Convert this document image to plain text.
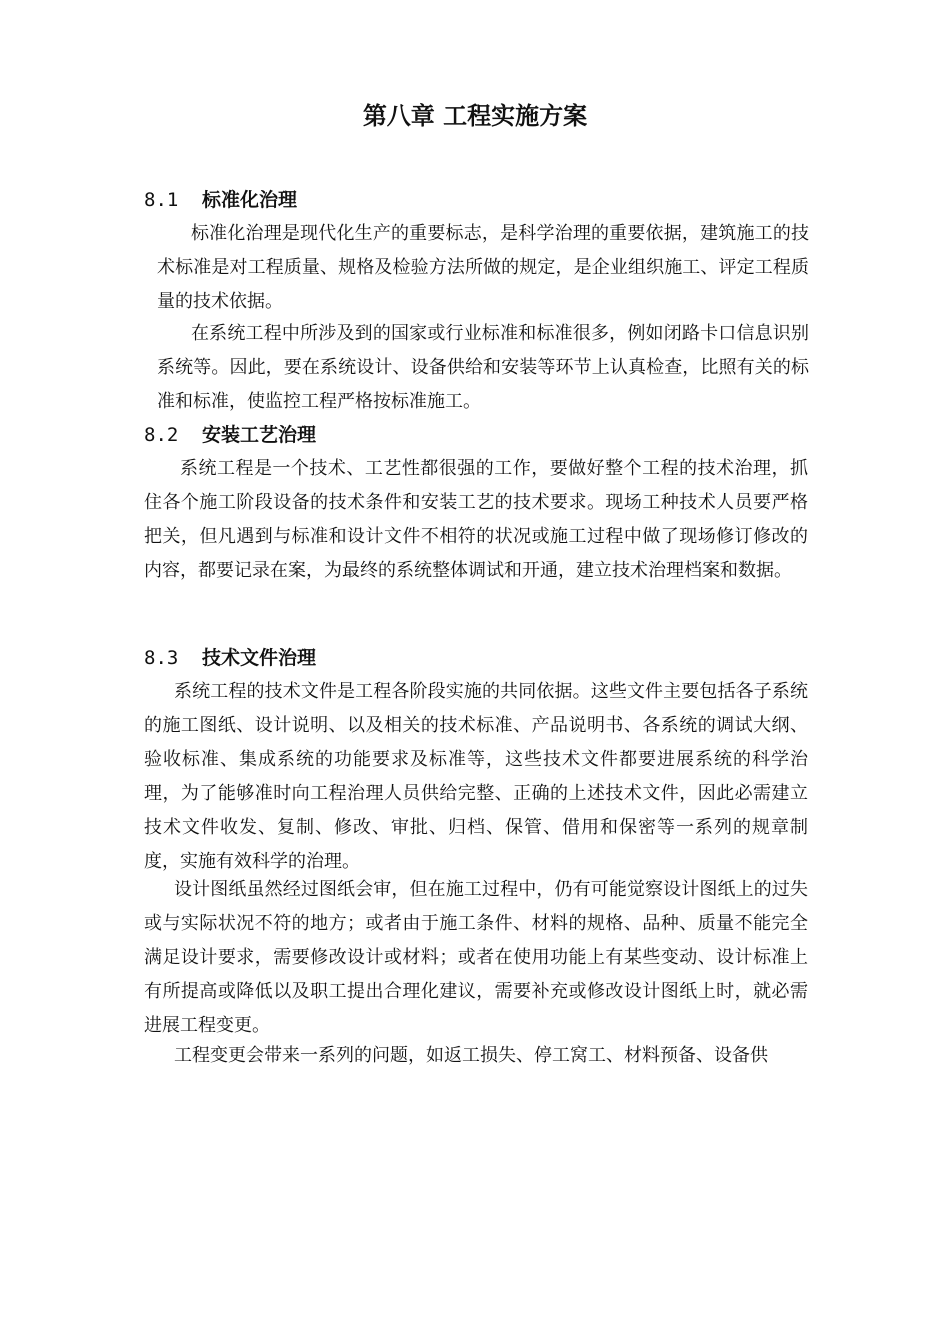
第八章 工程实施方案
8.1 标准化治理
标准化治理是现代化生产的重要标志，是科学治理的重要依据，建筑施工的技术标准是对工程质量、规格及检验方法所做的规定，是企业组织施工、评定工程质量的技术依据。
在系统工程中所涉及到的国家或行业标准和标准很多，例如闭路卡口信息识别系统等。因此，要在系统设计、设备供给和安装等环节上认真检查，比照有关的标准和标准，使监控工程严格按标准施工。
8.2 安装工艺治理
系统工程是一个技术、工艺性都很强的工作，要做好整个工程的技术治理，抓住各个施工阶段设备的技术条件和安装工艺的技术要求。现场工种技术人员要严格把关，但凡遇到与标准和设计文件不相符的状况或施工过程中做了现场修订修改的内容，都要记录在案，为最终的系统整体调试和开通，建立技术治理档案和数据。
8.3 技术文件治理
系统工程的技术文件是工程各阶段实施的共同依据。这些文件主要包括各子系统的施工图纸、设计说明、以及相关的技术标准、产品说明书、各系统的调试大纲、验收标准、集成系统的功能要求及标准等，这些技术文件都要进展系统的科学治理，为了能够准时向工程治理人员供给完整、正确的上述技术文件，因此必需建立技术文件收发、复制、修改、审批、归档、保管、借用和保密等一系列的规章制度，实施有效科学的治理。
设计图纸虽然经过图纸会审，但在施工过程中，仍有可能觉察设计图纸上的过失或与实际状况不符的地方；或者由于施工条件、材料的规格、品种、质量不能完全满足设计要求，需要修改设计或材料；或者在使用功能上有某些变动、设计标准上有所提高或降低以及职工提出合理化建议，需要补充或修改设计图纸上时，就必需进展工程变更。
工程变更会带来一系列的问题，如返工损失、停工窝工、材料预备、设备供
